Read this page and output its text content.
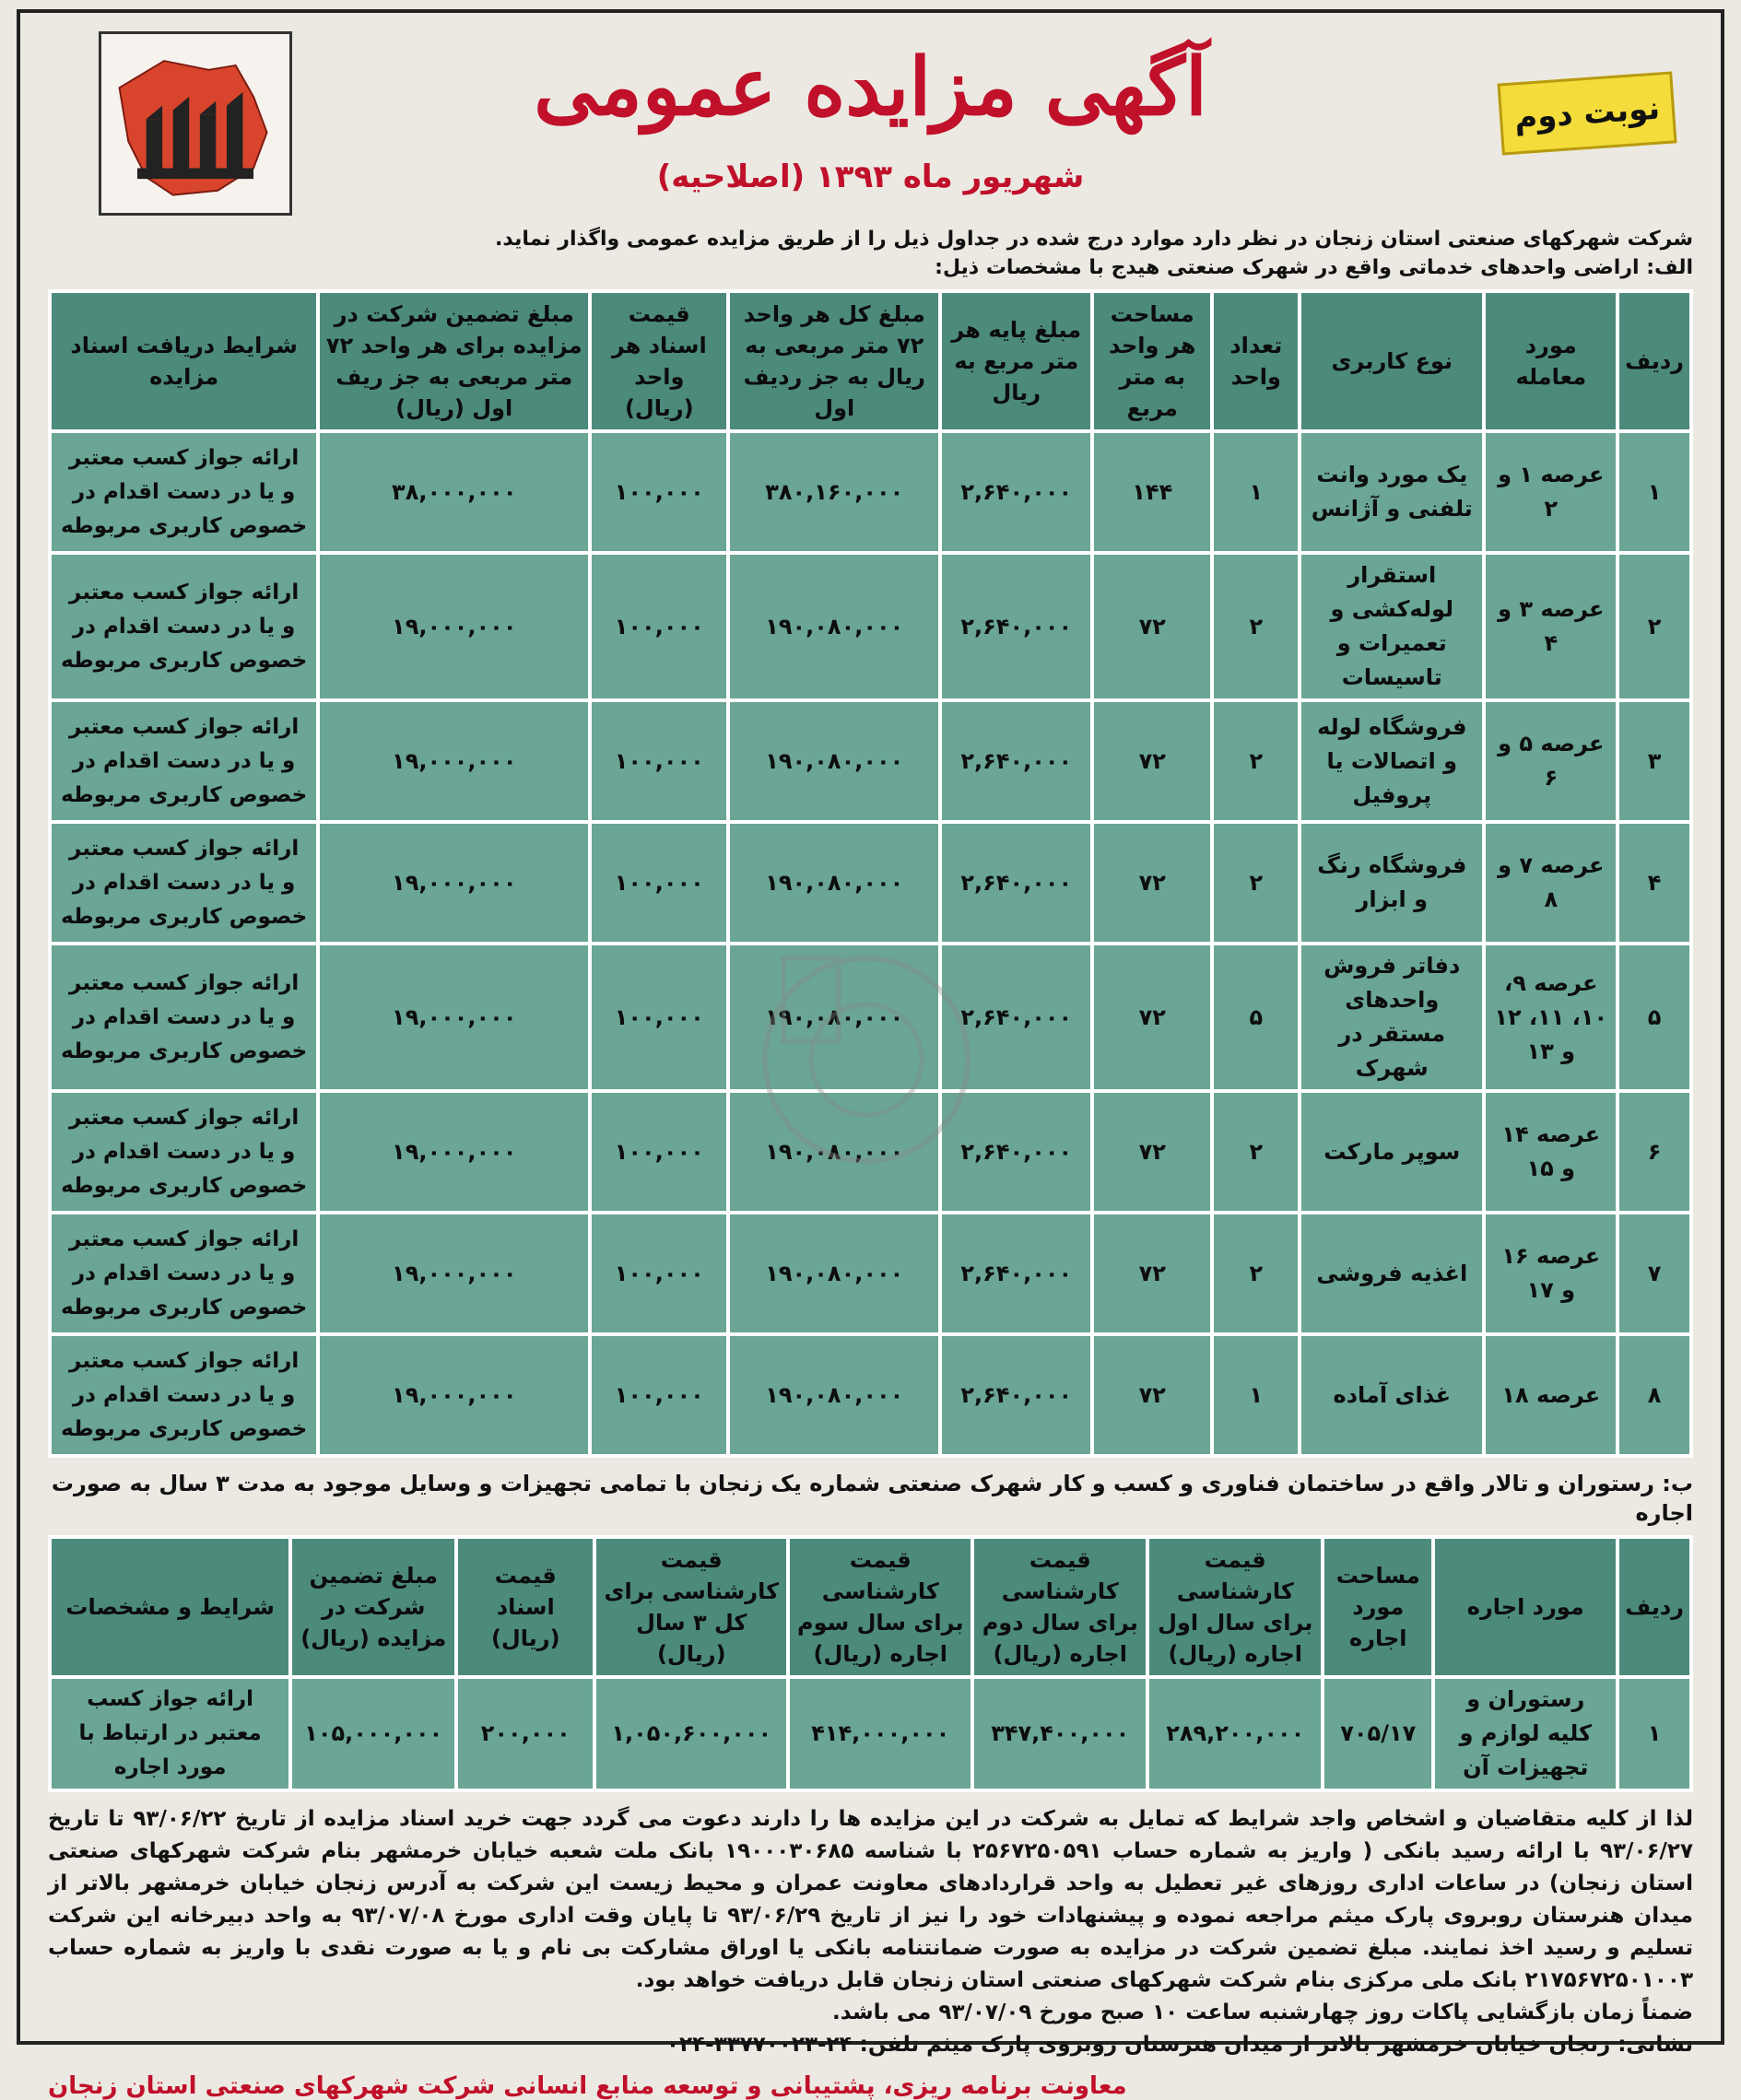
آگهی مزایده عمومی
شهریور ماه ۱۳۹۳ (اصلاحیه)
نوبت دوم
شرکت شهرکهای صنعتی استان زنجان در نظر دارد موارد درج شده در جداول ذیل را از طریق مزایده عمومی واگذار نماید.
الف: اراضی واحدهای خدماتی واقع در شهرک صنعتی هیدج با مشخصات ذیل:
ردیف	مورد معامله	نوع کاربری	تعداد واحد	مساحت هر واحد به متر مربع	مبلغ پایه هر متر مربع به ریال	مبلغ کل هر واحد ۷۲ متر مربعی به ریال به جز ردیف اول	قیمت اسناد هر واحد (ریال)	مبلغ تضمین شرکت در مزایده برای هر واحد ۷۲ متر مربعی به جز ریف اول (ریال)	شرایط دریافت اسناد مزایده
۱	عرصه ۱ و ۲	یک مورد وانت تلفنی و آژانس	۱	۱۴۴	۲,۶۴۰,۰۰۰	۳۸۰,۱۶۰,۰۰۰	۱۰۰,۰۰۰	۳۸,۰۰۰,۰۰۰	ارائه جواز کسب معتبر و یا در دست اقدام در خصوص کاربری مربوطه
۲	عرصه ۳ و ۴	استقرار لوله‌کشی و تعمیرات و تاسیسات	۲	۷۲	۲,۶۴۰,۰۰۰	۱۹۰,۰۸۰,۰۰۰	۱۰۰,۰۰۰	۱۹,۰۰۰,۰۰۰	ارائه جواز کسب معتبر و یا در دست اقدام در خصوص کاربری مربوطه
۳	عرصه ۵ و ۶	فروشگاه لوله و اتصالات یا پروفیل	۲	۷۲	۲,۶۴۰,۰۰۰	۱۹۰,۰۸۰,۰۰۰	۱۰۰,۰۰۰	۱۹,۰۰۰,۰۰۰	ارائه جواز کسب معتبر و یا در دست اقدام در خصوص کاربری مربوطه
۴	عرصه ۷ و ۸	فروشگاه رنگ و ابزار	۲	۷۲	۲,۶۴۰,۰۰۰	۱۹۰,۰۸۰,۰۰۰	۱۰۰,۰۰۰	۱۹,۰۰۰,۰۰۰	ارائه جواز کسب معتبر و یا در دست اقدام در خصوص کاربری مربوطه
۵	عرصه ۹، ۱۰، ۱۱، ۱۲ و ۱۳	دفاتر فروش واحدهای مستقر در شهرک	۵	۷۲	۲,۶۴۰,۰۰۰	۱۹۰,۰۸۰,۰۰۰	۱۰۰,۰۰۰	۱۹,۰۰۰,۰۰۰	ارائه جواز کسب معتبر و یا در دست اقدام در خصوص کاربری مربوطه
۶	عرصه ۱۴ و ۱۵	سوپر مارکت	۲	۷۲	۲,۶۴۰,۰۰۰	۱۹۰,۰۸۰,۰۰۰	۱۰۰,۰۰۰	۱۹,۰۰۰,۰۰۰	ارائه جواز کسب معتبر و یا در دست اقدام در خصوص کاربری مربوطه
۷	عرصه ۱۶ و ۱۷	اغذیه فروشی	۲	۷۲	۲,۶۴۰,۰۰۰	۱۹۰,۰۸۰,۰۰۰	۱۰۰,۰۰۰	۱۹,۰۰۰,۰۰۰	ارائه جواز کسب معتبر و یا در دست اقدام در خصوص کاربری مربوطه
۸	عرصه ۱۸	غذای آماده	۱	۷۲	۲,۶۴۰,۰۰۰	۱۹۰,۰۸۰,۰۰۰	۱۰۰,۰۰۰	۱۹,۰۰۰,۰۰۰	ارائه جواز کسب معتبر و یا در دست اقدام در خصوص کاربری مربوطه
ب: رستوران و تالار واقع در ساختمان فناوری و کسب و کار شهرک صنعتی شماره یک زنجان با تمامی تجهیزات و وسایل موجود به مدت ۳ سال به صورت اجاره
ردیف	مورد اجاره	مساحت مورد اجاره	قیمت کارشناسی برای سال اول اجاره (ریال)	قیمت کارشناسی برای سال دوم اجاره (ریال)	قیمت کارشناسی برای سال سوم اجاره (ریال)	قیمت کارشناسی برای کل ۳ سال (ریال)	قیمت اسناد (ریال)	مبلغ تضمین شرکت در مزایده (ریال)	شرایط و مشخصات
۱	رستوران و کلیه لوازم و تجهیزات آن	۷۰۵/۱۷	۲۸۹,۲۰۰,۰۰۰	۳۴۷,۴۰۰,۰۰۰	۴۱۴,۰۰۰,۰۰۰	۱,۰۵۰,۶۰۰,۰۰۰	۲۰۰,۰۰۰	۱۰۵,۰۰۰,۰۰۰	ارائه جواز کسب معتبر در ارتباط با مورد اجاره
لذا از کلیه متقاضیان و اشخاص واجد شرایط که تمایل به شرکت در این مزایده ها را دارند دعوت می گردد جهت خرید اسناد مزایده از تاریخ ۹۳/۰۶/۲۲ تا تاریخ ۹۳/۰۶/۲۷ با ارائه رسید بانکی ( واریز به شماره حساب ۲۵۶۷۲۵۰۵۹۱ با شناسه ۱۹۰۰۰۳۰۶۸۵ بانک ملت شعبه خیابان خرمشهر بنام شرکت شهرکهای صنعتی استان زنجان) در ساعات اداری روزهای غیر تعطیل به واحد قراردادهای معاونت عمران و محیط زیست این شرکت به آدرس زنجان خیابان خرمشهر بالاتر از میدان هنرستان روبروی پارک میثم مراجعه نموده و پیشنهادات خود را نیز از تاریخ ۹۳/۰۶/۲۹ تا پایان وقت اداری مورخ ۹۳/۰۷/۰۸ به واحد دبیرخانه این شرکت تسلیم و رسید اخذ نمایند. مبلغ تضمین شرکت در مزایده به صورت ضمانتنامه بانکی یا اوراق مشارکت بی نام و یا به صورت نقدی با واریز به شماره حساب ۲۱۷۵۶۷۲۵۰۱۰۰۳ بانک ملی مرکزی بنام شرکت شهرکهای صنعتی استان زنجان قابل دریافت خواهد بود.
ضمناً زمان بازگشایی پاکات روز چهارشنبه ساعت ۱۰ صبح مورخ ۹۳/۰۷/۰۹ می باشد.
نشانی: زنجان خیابان خرمشهر بالاتر از میدان هنرستان روبروی پارک میثم تلفن: ۲۴-۳۳۷۷۰۰۲۳-۰۲۴
معاونت برنامه ریزی، پشتیبانی و توسعه منابع انسانی شرکت شهرکهای صنعتی استان زنجان
